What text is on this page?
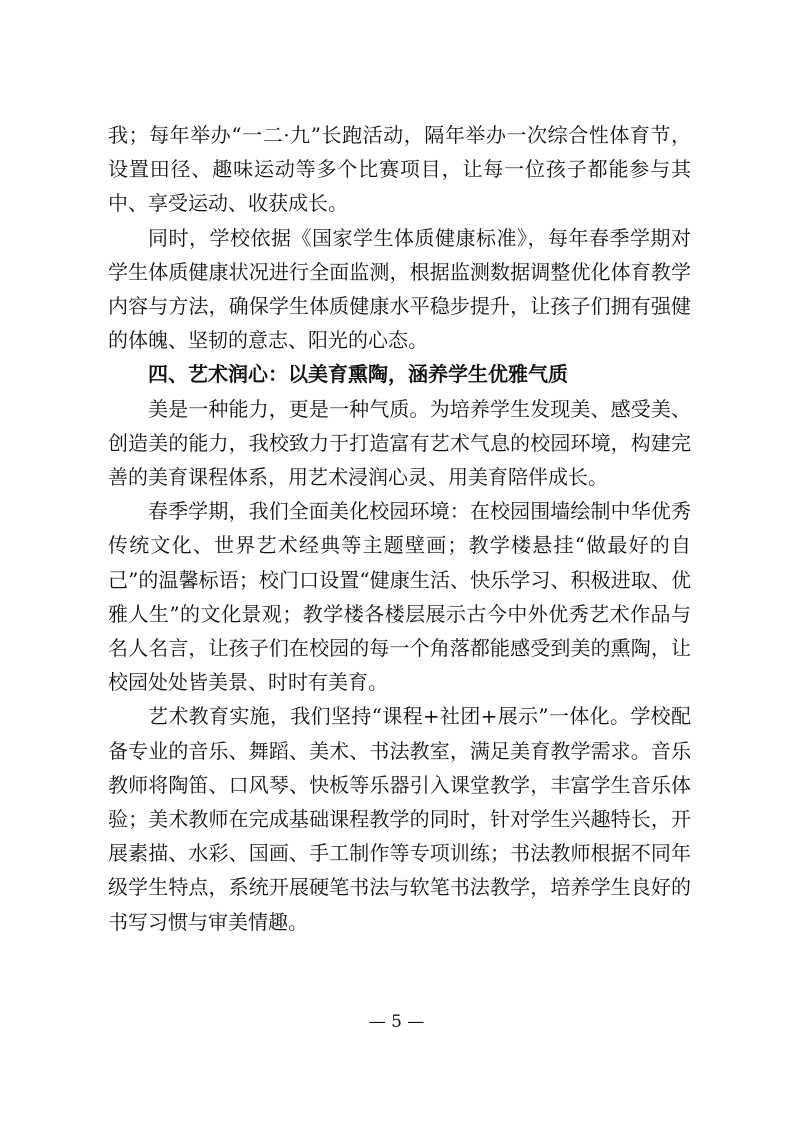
我；每年举办“一二·九”长跑活动，隔年举办一次综合性体育节，设置田径、趣味运动等多个比赛项目，让每一位孩子都能参与其中、享受运动、收获成长。

同时，学校依据《国家学生体质健康标准》，每年春季学期对学生体质健康状况进行全面监测，根据监测数据调整优化体育教学内容与方法，确保学生体质健康水平稳步提升，让孩子们拥有强健的体魄、坚韧的意志、阳光的心态。

四、艺术润心：以美育熏陶，涵养学生优雅气质

美是一种能力，更是一种气质。为培养学生发现美、感受美、创造美的能力，我校致力于打造富有艺术气息的校园环境，构建完善的美育课程体系，用艺术浸润心灵、用美育陪伴成长。

春季学期，我们全面美化校园环境：在校园围墙绘制中华优秀传统文化、世界艺术经典等主题壁画；教学楼悬挂“做最好的自己”的温馨标语；校门口设置“健康生活、快乐学习、积极进取、优雅人生”的文化景观；教学楼各楼层展示古今中外优秀艺术作品与名人名言，让孩子们在校园的每一个角落都能感受到美的熏陶，让校园处处皆美景、时时有美育。

艺术教育实施，我们坚持“课程+社团+展示”一体化。学校配备专业的音乐、舞蹈、美术、书法教室，满足美育教学需求。音乐教师将陶笛、口风琴、快板等乐器引入课堂教学，丰富学生音乐体验；美术教师在完成基础课程教学的同时，针对学生兴趣特长，开展素描、水彩、国画、手工制作等专项训练；书法教师根据不同年级学生特点，系统开展硬笔书法与软笔书法教学，培养学生良好的书写习惯与审美情趣。

— 5 —
